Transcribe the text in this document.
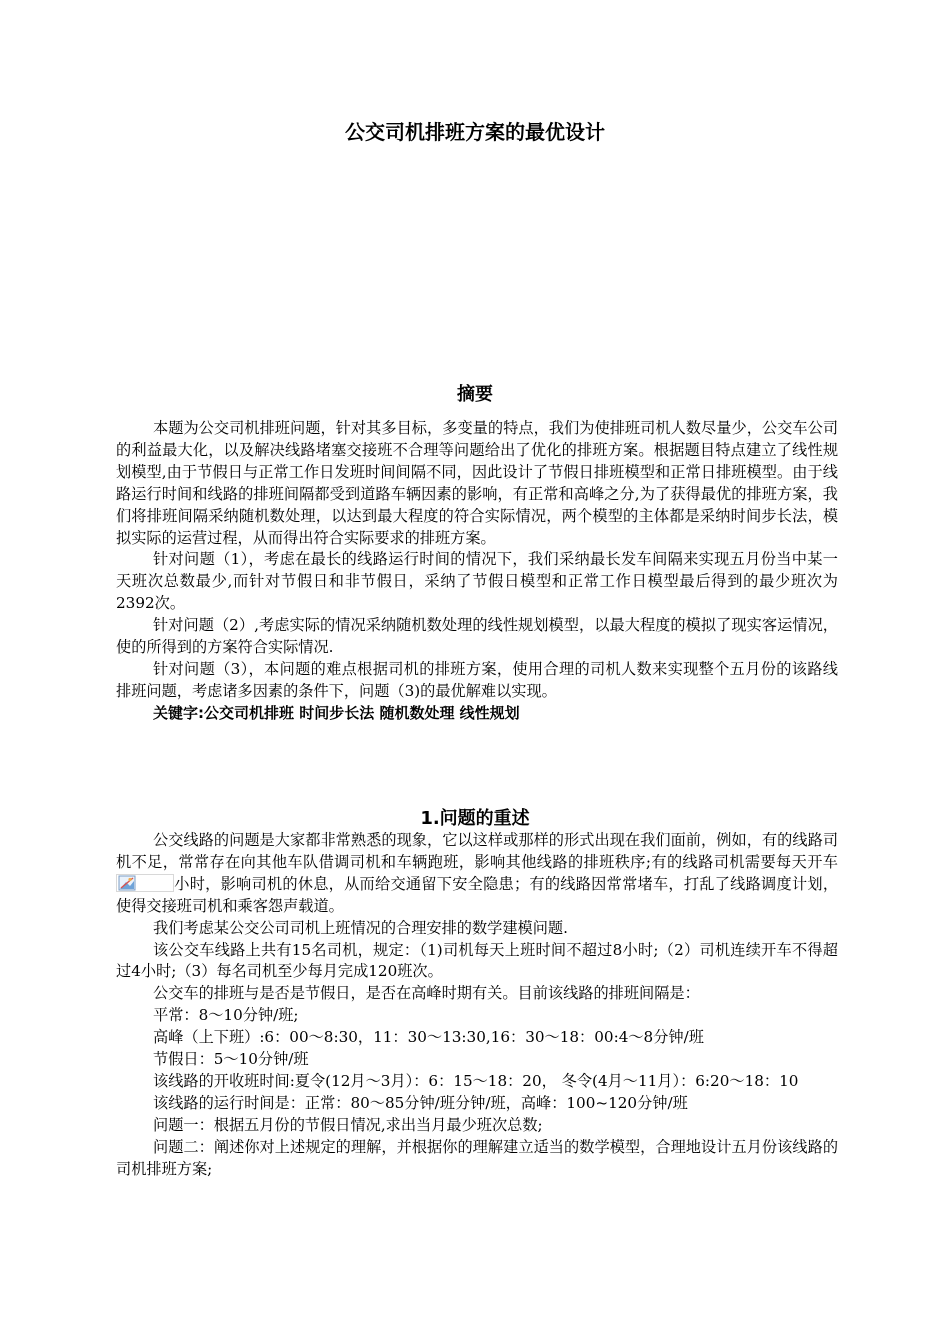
公交司机排班方案的最优设计
摘要

本题为公交司机排班问题，针对其多目标，多变量的特点，我们为使排班司机人数尽量少，公交车公司的利益最大化，以及解决线路堵塞交接班不合理等问题给出了优化的排班方案。根据题目特点建立了线性规划模型,由于节假日与正常工作日发班时间间隔不同，因此设计了节假日排班模型和正常日排班模型。由于线路运行时间和线路的排班间隔都受到道路车辆因素的影响，有正常和高峰之分,为了获得最优的排班方案，我们将排班间隔采纳随机数处理，以达到最大程度的符合实际情况，两个模型的主体都是采纳时间步长法，模拟实际的运营过程，从而得出符合实际要求的排班方案。

针对问题（1），考虑在最长的线路运行时间的情况下，我们采纳最长发车间隔来实现五月份当中某一天班次总数最少,而针对节假日和非节假日，采纳了节假日模型和正常工作日模型最后得到的最少班次为2392次。

针对问题（2）,考虑实际的情况采纳随机数处理的线性规划模型，以最大程度的模拟了现实客运情况，使的所得到的方案符合实际情况.

针对问题（3），本问题的难点根据司机的排班方案，使用合理的司机人数来实现整个五月份的该路线排班问题，考虑诸多因素的条件下，问题（3)的最优解难以实现。

关键字:公交司机排班 时间步长法 随机数处理 线性规划

1.问题的重述

公交线路的问题是大家都非常熟悉的现象，它以这样或那样的形式出现在我们面前，例如，有的线路司机不足，常常存在向其他车队借调司机和车辆跑班，影响其他线路的排班秩序;有的线路司机需要每天开车
小时，影响司机的休息，从而给交通留下安全隐患；有的线路因常常堵车，打乱了线路调度计划，使得交接班司机和乘客怨声载道。

我们考虑某公交公司司机上班情况的合理安排的数学建模问题.

该公交车线路上共有15名司机，规定：（1)司机每天上班时间不超过8小时;（2）司机连续开车不得超过4小时;（3）每名司机至少每月完成120班次。

公交车的排班与是否是节假日，是否在高峰时期有关。目前该线路的排班间隔是：

平常：8～10分钟/班;

高峰（上下班）:6：00～8:30，11：30～13:30,16：30～18：00:4～8分钟/班

节假日：5～10分钟/班

该线路的开收班时间:夏令(12月～3月）：6：15～18：20， 冬令(4月～11月）：6:20～18：10

该线路的运行时间是：正常：80～85分钟/班分钟/班，高峰：100~120分钟/班

问题一：根据五月份的节假日情况,求出当月最少班次总数;

问题二：阐述你对上述规定的理解，并根据你的理解建立适当的数学模型，合理地设计五月份该线路的司机排班方案;
